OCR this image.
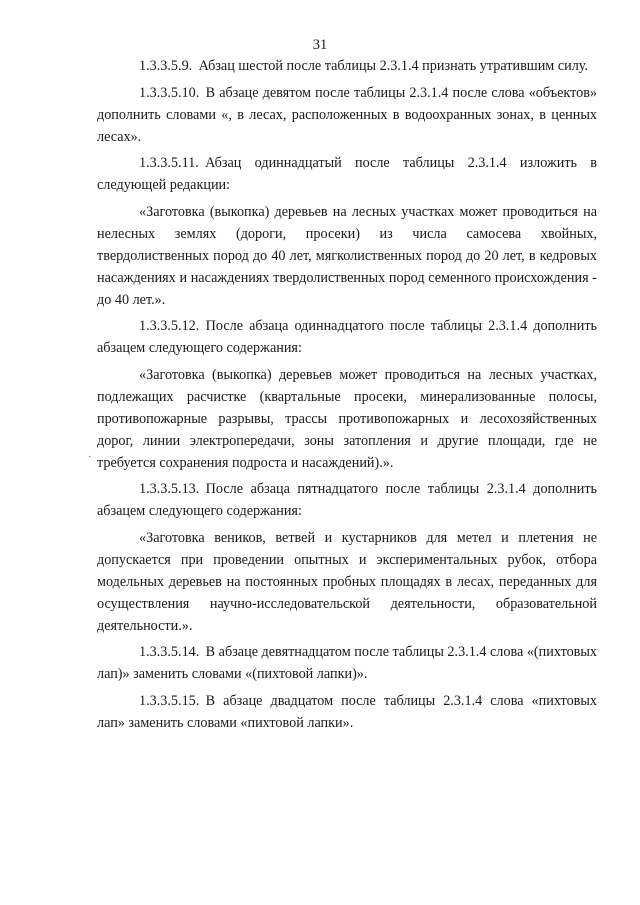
31
·

1.3.3.5.9. Абзац шестой после таблицы 2.3.1.4 признать утратившим силу.

1.3.3.5.10. В абзаце девятом после таблицы 2.3.1.4 после слова «объектов» дополнить словами «, в лесах, расположенных в водоохранных зонах, в ценных лесах».

1.3.3.5.11. Абзац одиннадцатый после таблицы 2.3.1.4 изложить в следующей редакции:

«Заготовка (выкопка) деревьев на лесных участках может проводиться на нелесных землях (дороги, просеки) из числа самосева хвойных, твердолиственных пород до 40 лет, мягколиственных пород до 20 лет, в кедровых насаждениях и насаждениях твердолиственных пород семенного происхождения - до 40 лет.».

1.3.3.5.12. После абзаца одиннадцатого после таблицы 2.3.1.4 дополнить абзацем следующего содержания:

«Заготовка (выкопка) деревьев может проводиться на лесных участках, подлежащих расчистке (квартальные просеки, минерализованные полосы, противопожарные разрывы, трассы противопожарных и лесохозяйственных дорог, линии электропередачи, зоны затопления и другие площади, где не требуется сохранения подроста и насаждений).».

1.3.3.5.13. После абзаца пятнадцатого после таблицы 2.3.1.4 дополнить абзацем следующего содержания:

«Заготовка веников, ветвей и кустарников для метел и плетения не допускается при проведении опытных и экспериментальных рубок, отбора модельных деревьев на постоянных пробных площадях в лесах, переданных для осуществления научно-исследовательской деятельности, образовательной деятельности.».

1.3.3.5.14. В абзаце девятнадцатом после таблицы 2.3.1.4 слова «(пихтовых лап)» заменить словами «(пихтовой лапки)».

1.3.3.5.15. В абзаце двадцатом после таблицы 2.3.1.4 слова «пихтовых лап» заменить словами «пихтовой лапки».
